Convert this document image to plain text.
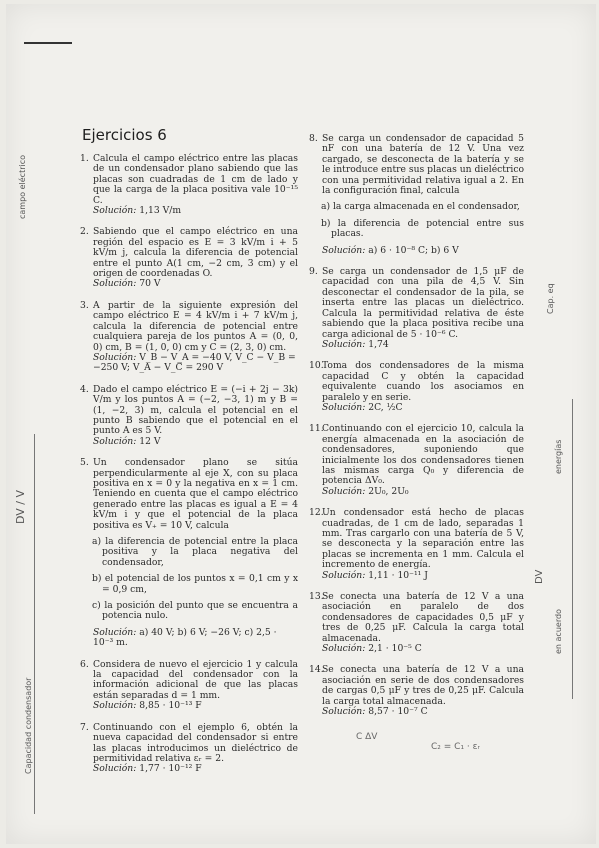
Ejercicios 6
1. Calcula el campo eléctrico entre las placas de un condensador plano sabiendo que las placas son cuadradas de 1 cm de lado y que la carga de la placa positiva vale 10⁻¹⁵ C.
Solución: 1,13 V/m
2. Sabiendo que el campo eléctrico en una región del espacio es E = 3 kV/m i + 5 kV/m j, calcula la diferencia de potencial entre el punto A(1 cm, −2 cm, 3 cm) y el origen de coordenadas O.
Solución: 70 V
3. A partir de la siguiente expresión del campo eléctrico E = 4 kV/m i + 7 kV/m j, calcula la diferencia de potencial entre cualquiera pareja de los puntos A = (0, 0, 0) cm, B = (1, 0, 0) cm y C = (2, 3, 0) cm.
Solución: V_B − V_A = −40 V, V_C − V_B = −250 V; V_A − V_C = 290 V
4. Dado el campo eléctrico E = (−i + 2j − 3k) V/m y los puntos A = (−2, −3, 1) m y B = (1, −2, 3) m, calcula el potencial en el punto B sabiendo que el potencial en el punto A es 5 V.
Solución: 12 V
5. Un condensador plano se sitúa perpendicularmente al eje X, con su placa positiva en x = 0 y la negativa en x = 1 cm. Teniendo en cuenta que el campo eléctrico generado entre las placas es igual a E = 4 kV/m i y que el potencial de la placa positiva es V₊ = 10 V, calcula
a) la diferencia de potencial entre la placa positiva y la placa negativa del condensador,
b) el potencial de los puntos x = 0,1 cm y x = 0,9 cm,
c) la posición del punto que se encuentra a potencia nulo.
Solución: a) 40 V; b) 6 V; −26 V; c) 2,5 · 10⁻³ m.
6. Considera de nuevo el ejercicio 1 y calcula la capacidad del condensador con la información adicional de que las placas están separadas d = 1 mm.
Solución: 8,85 · 10⁻¹³ F
7. Continuando con el ejemplo 6, obtén la nueva capacidad del condensador si entre las placas introducimos un dieléctrico de permitividad relativa εᵣ = 2.
Solución: 1,77 · 10⁻¹² F
8. Se carga un condensador de capacidad 5 nF con una batería de 12 V. Una vez cargado, se desconecta de la batería y se le introduce entre sus placas un dieléctrico con una permitividad relativa igual a 2. En la configuración final, calcula
a) la carga almacenada en el condensador,
b) la diferencia de potencial entre sus placas.
Solución: a) 6 · 10⁻⁸ C; b) 6 V
9. Se carga un condensador de 1,5 μF de capacidad con una pila de 4,5 V. Sin desconectar el condensador de la pila, se inserta entre las placas un dieléctrico. Calcula la permitividad relativa de éste sabiendo que la placa positiva recibe una carga adicional de 5 · 10⁻⁶ C.
Solución: 1,74
10.
Toma dos condensadores de la misma capacidad C y obtén la capacidad equivalente cuando los asociamos en paralelo y en serie.
Solución: 2C, ½C
11.
Continuando con el ejercicio 10, calcula la energía almacenada en la asociación de condensadores, suponiendo que inicialmente los dos condensadores tienen las mismas carga Q₀ y diferencia de potencia ΔV₀.
Solución: 2U₀, 2U₀
12.
Un condensador está hecho de placas cuadradas, de 1 cm de lado, separadas 1 mm. Tras cargarlo con una batería de 5 V, se desconecta y la separación entre las placas se incrementa en 1 mm. Calcula el incremento de energía.
Solución: 1,11 · 10⁻¹¹ J
13.
Se conecta una batería de 12 V a una asociación en paralelo de dos condensadores de capacidades 0,5 μF y tres de 0,25 μF. Calcula la carga total almacenada.
Solución: 2,1 · 10⁻⁵ C
14.
Se conecta una batería de 12 V a una asociación en serie de dos condensadores de cargas 0,5 μF y tres de 0,25 μF. Calcula la carga total almacenada.
Solución: 8,57 · 10⁻⁷ C
campo eléctrico
DV / V
Capacidad condensador
Cap. eq
energías
DV
en acuerdo
C ΔV
C₂ = C₁ · εᵣ
